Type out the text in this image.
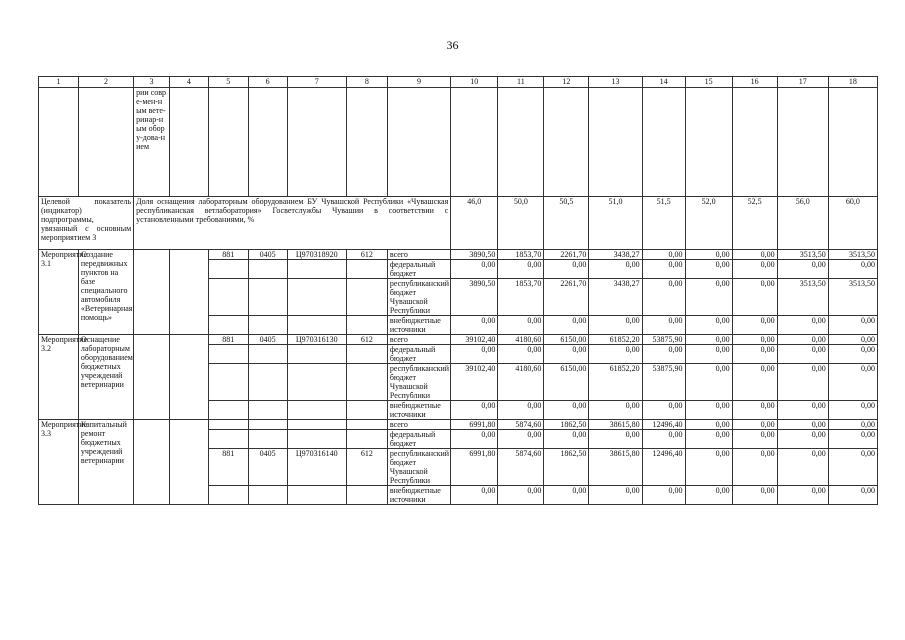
36
1	2	3	4	5	6	7	8	9	10	11	12	13	14	15	16	17	18
		рии совре-мен-ным вете-ринар-ным обору-дова-нием															
Целевой показатель (индикатор) подпрограммы, увязанный с основным мероприятием 3		Доля оснащения лабораторным оборудованием БУ Чувашской Республики «Чувашская республиканская ветлаборатория» Госветслужбы Чувашии в соответствии с установленными требованиями, %							46,0	50,0	50,5	51,0	51,5	52,0	52,5	56,0	60,0
Мероприятие 3.1	Создание передвижных пунктов на базе специального автомобиля «Ветеринарная помощь»			881	0405	Ц970318920	612	всего	3890,50	1853,70	2261,70	3438,27	0,00	0,00	0,00	3513,50	3513,50
								федеральный бюджет	0,00	0,00	0,00	0,00	0,00	0,00	0,00	0,00	0,00
								республиканский бюджет Чувашской Республики	3890,50	1853,70	2261,70	3438,27	0,00	0,00	0,00	3513,50	3513,50
								внебюджетные источники	0,00	0,00	0,00	0,00	0,00	0,00	0,00	0,00	0,00
Мероприятие 3.2	Оснащение лабораторным оборудованием бюджетных учреждений ветеринарии			881	0405	Ц970316130	612	всего	39102,40	4180,60	6150,00	61852,20	53875,90	0,00	0,00	0,00	0,00
								федеральный бюджет	0,00	0,00	0,00	0,00	0,00	0,00	0,00	0,00	0,00
								республиканский бюджет Чувашской Республики	39102,40	4180,60	6150,00	61852,20	53875,90	0,00	0,00	0,00	0,00
								внебюджетные источники	0,00	0,00	0,00	0,00	0,00	0,00	0,00	0,00	0,00
Мероприятие 3.3	Капитальный ремонт бюджетных учреждений ветеринарии							всего	6991,80	5874,60	1862,50	38615,80	12496,40	0,00	0,00	0,00	0,00
								федеральный бюджет	0,00	0,00	0,00	0,00	0,00	0,00	0,00	0,00	0,00
				881	0405	Ц970316140	612	республиканский бюджет Чувашской Республики	6991,80	5874,60	1862,50	38615,80	12496,40	0,00	0,00	0,00	0,00
								внебюджетные источники	0,00	0,00	0,00	0,00	0,00	0,00	0,00	0,00	0,00
